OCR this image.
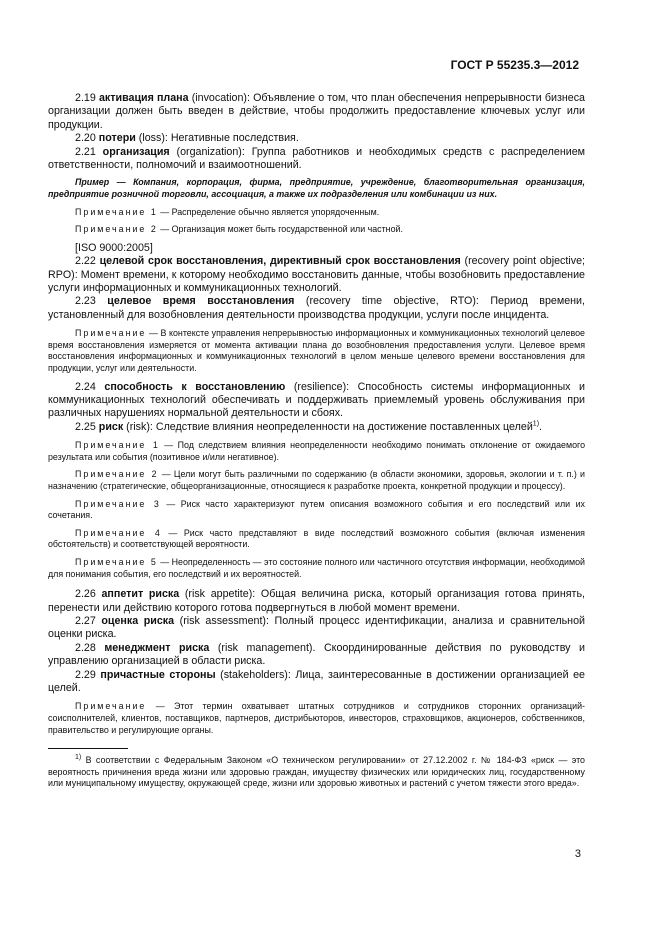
ГОСТ Р 55235.3—2012

2.19 активация плана (invocation): Объявление о том, что план обеспечения непрерывности бизнеса организации должен быть введен в действие, чтобы продолжить предоставление ключевых услуг или продукции.

2.20 потери (loss): Негативные последствия.

2.21 организация (organization): Группа работников и необходимых средств с распределением ответственности, полномочий и взаимоотношений.

Пример — Компания, корпорация, фирма, предприятие, учреждение, благотворительная организация, предприятие розничной торговли, ассоциация, а также их подразделения или комбинации из них.

Примечание 1 — Распределение обычно является упорядоченным.

Примечание 2 — Организация может быть государственной или частной.

[ISO 9000:2005]

2.22 целевой срок восстановления, директивный срок восстановления (recovery point objective; RPO): Момент времени, к которому необходимо восстановить данные, чтобы возобновить предоставление услуги информационных и коммуникационных технологий.

2.23 целевое время восстановления (recovery time objective, RTO): Период времени, установленный для возобновления деятельности производства продукции, услуги после инцидента.

Примечание — В контексте управления непрерывностью информационных и коммуникационных технологий целевое время восстановления измеряется от момента активации плана до возобновления предоставления услуги. Целевое время восстановления информационных и коммуникационных технологий в целом меньше целевого времени восстановления для продукции, услуг или деятельности.

2.24 способность к восстановлению (resilience): Способность системы информационных и коммуникационных технологий обеспечивать и поддерживать приемлемый уровень обслуживания при различных нарушениях нормальной деятельности и сбоях.

2.25 риск (risk): Следствие влияния неопределенности на достижение поставленных целей$^{1)}$.

Примечание 1 — Под следствием влияния неопределенности необходимо понимать отклонение от ожидаемого результата или события (позитивное и/или негативное).

Примечание 2 — Цели могут быть различными по содержанию (в области экономики, здоровья, экологии и т. п.) и назначению (стратегические, общеорганизационные, относящиеся к разработке проекта, конкретной продукции и процессу).

Примечание 3 — Риск часто характеризуют путем описания возможного события и его последствий или их сочетания.

Примечание 4 — Риск часто представляют в виде последствий возможного события (включая изменения обстоятельств) и соответствующей вероятности.

Примечание 5 — Неопределенность — это состояние полного или частичного отсутствия информации, необходимой для понимания события, его последствий и их вероятностей.

2.26 аппетит риска (risk appetite): Общая величина риска, который организация готова принять, перенести или действию которого готова подвергнуться в любой момент времени.

2.27 оценка риска (risk assessment): Полный процесс идентификации, анализа и сравнительной оценки риска.

2.28 менеджмент риска (risk management). Скоординированные действия по руководству и управлению организацией в области риска.

2.29 причастные стороны (stakeholders): Лица, заинтересованные в достижении организацией ее целей.

Примечание — Этот термин охватывает штатных сотрудников и сотрудников сторонних организаций-соисполнителей, клиентов, поставщиков, партнеров, дистрибьюторов, инвесторов, страховщиков, акционеров, собственников, правительство и регулирующие органы.

$^{1)}$ В соответствии с Федеральным Законом «О техническом регулировании» от 27.12.2002 г. № 184-ФЗ «риск — это вероятность причинения вреда жизни или здоровью граждан, имуществу физических или юридических лиц, государственному или муниципальному имуществу, окружающей среде, жизни или здоровью животных и растений с учетом тяжести этого вреда».

3
